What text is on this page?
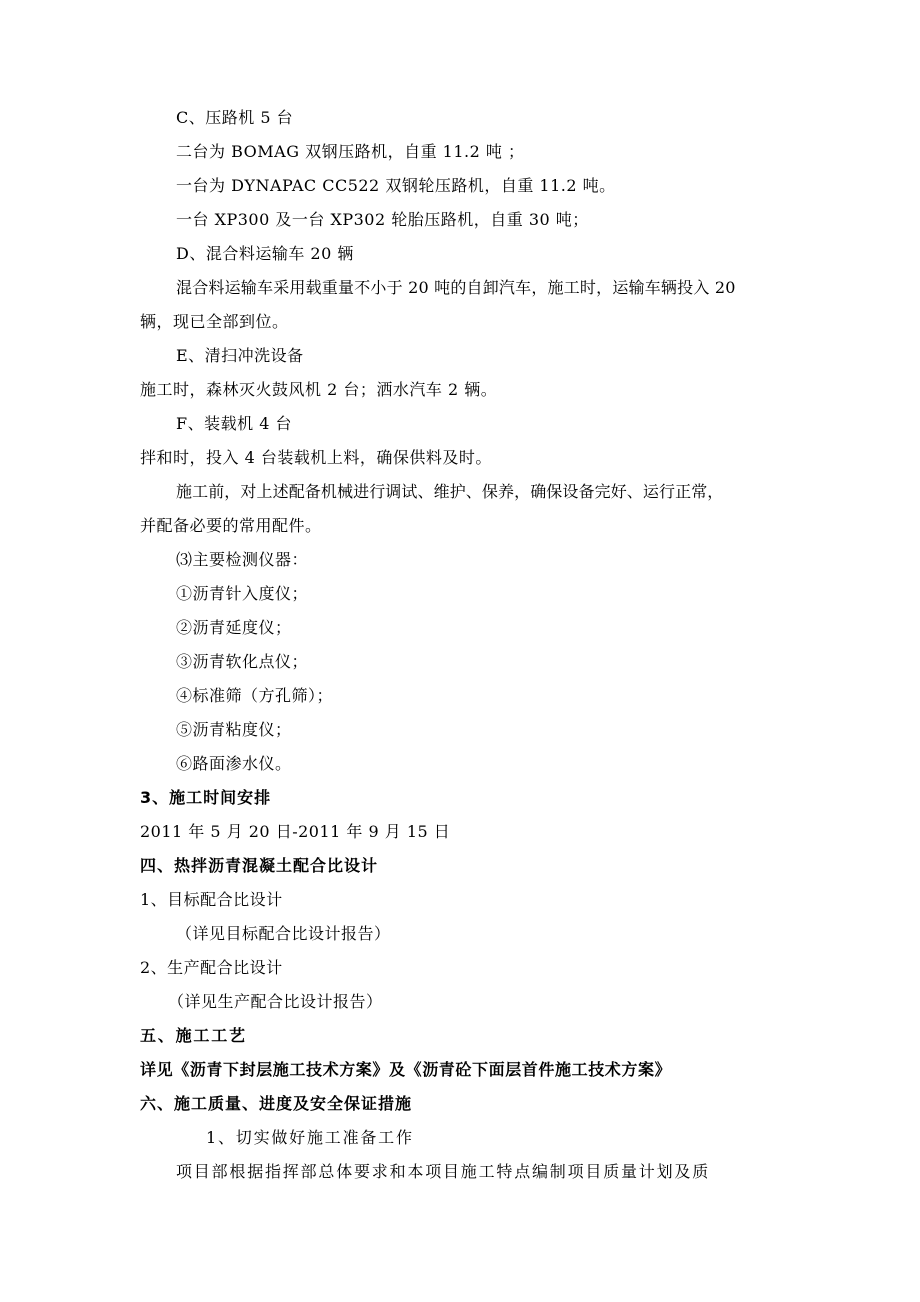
C、压路机 5 台
二台为 BOMAG 双钢压路机，自重 11.2 吨 ；
一台为 DYNAPAC CC522 双钢轮压路机，自重 11.2 吨。
一台 XP300 及一台 XP302 轮胎压路机，自重 30 吨；
D、混合料运输车 20 辆
混合料运输车采用载重量不小于 20 吨的自卸汽车，施工时，运输车辆投入 20
辆，现已全部到位。
E、清扫冲洗设备
施工时，森林灭火鼓风机 2 台；洒水汽车 2 辆。
F、装载机 4 台
拌和时，投入 4 台装载机上料，确保供料及时。
施工前，对上述配备机械进行调试、维护、保养，确保设备完好、运行正常，
并配备必要的常用配件。
⑶主要检测仪器：
①沥青针入度仪；
②沥青延度仪；
③沥青软化点仪；
④标准筛（方孔筛）；
⑤沥青粘度仪；
⑥路面渗水仪。
3、施工时间安排
2011 年 5 月 20 日-2011 年 9 月 15 日
四、热拌沥青混凝土配合比设计
1、目标配合比设计
（详见目标配合比设计报告）
2、生产配合比设计
（详见生产配合比设计报告）
五、施工工艺
详见《沥青下封层施工技术方案》及《沥青砼下面层首件施工技术方案》
六、施工质量、进度及安全保证措施
1、切实做好施工准备工作
项目部根据指挥部总体要求和本项目施工特点编制项目质量计划及质
